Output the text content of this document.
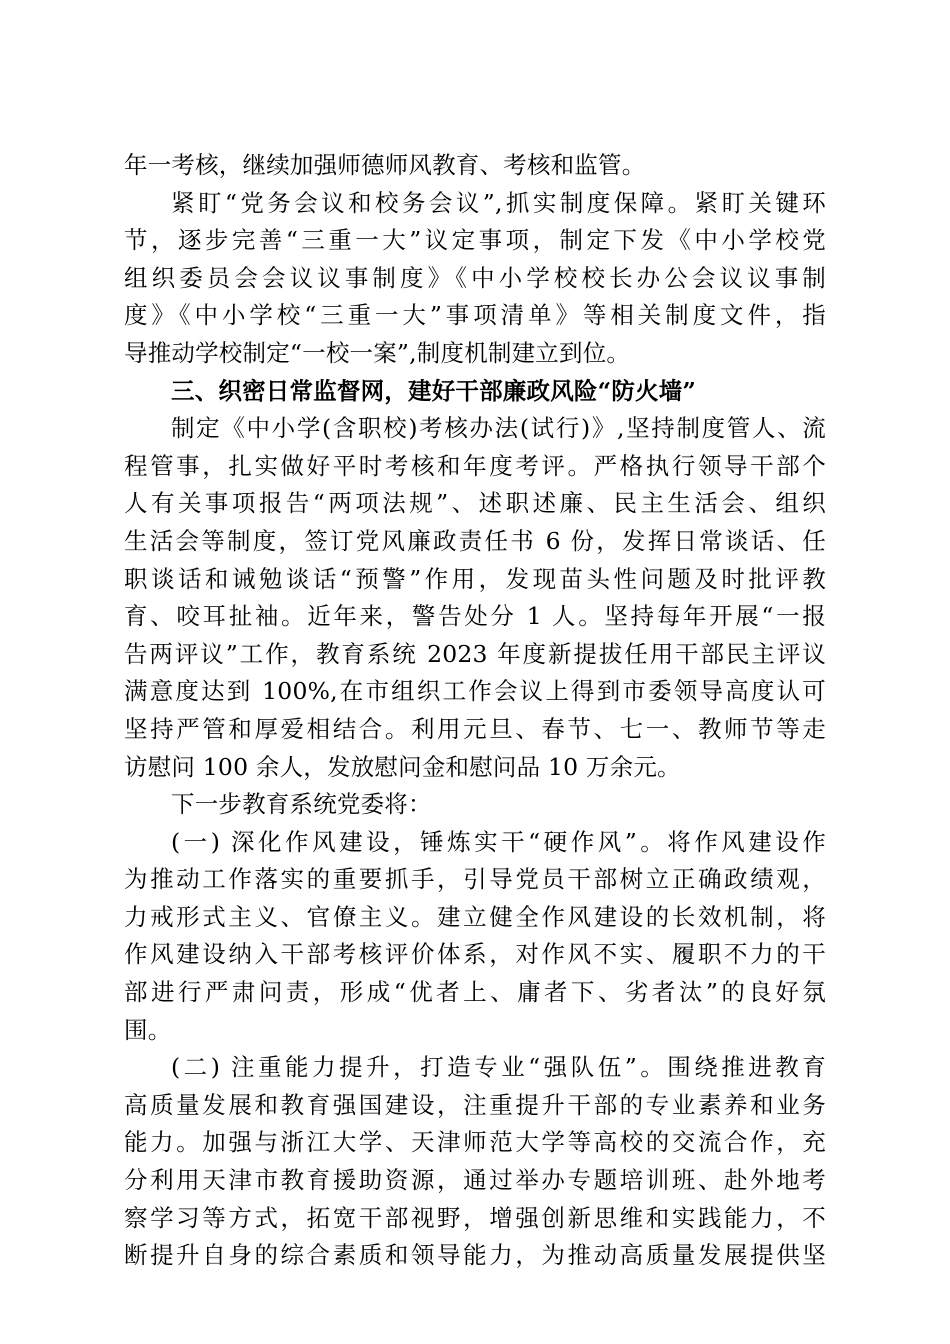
年一考核，继续加强师德师风教育、考核和监管。
紧盯“党务会议和校务会议”,抓实制度保障。紧盯关键环
节，逐步完善“三重一大”议定事项，制定下发《中小学校党
组织委员会会议议事制度》《中小学校校长办公会议议事制
度》《中小学校“三重一大”事项清单》等相关制度文件，指
导推动学校制定“一校一案”,制度机制建立到位。
三、织密日常监督网，建好干部廉政风险“防火墙”
制定《中小学(含职校)考核办法(试行)》,坚持制度管人、流
程管事，扎实做好平时考核和年度考评。严格执行领导干部个
人有关事项报告“两项法规”、述职述廉、民主生活会、组织
生活会等制度，签订党风廉政责任书 6 份，发挥日常谈话、任
职谈话和诫勉谈话“预警”作用，发现苗头性问题及时批评教
育、咬耳扯袖。近年来，警告处分 1 人。坚持每年开展“一报
告两评议”工作，教育系统 2023 年度新提拔任用干部民主评议
满意度达到 100%,在市组织工作会议上得到市委领导高度认可
坚持严管和厚爱相结合。利用元旦、春节、七一、教师节等走
访慰问 100 余人，发放慰问金和慰问品 10 万余元。
下一步教育系统党委将：
(一) 深化作风建设，锤炼实干“硬作风”。将作风建设作
为推动工作落实的重要抓手，引导党员干部树立正确政绩观，
力戒形式主义、官僚主义。建立健全作风建设的长效机制，将
作风建设纳入干部考核评价体系，对作风不实、履职不力的干
部进行严肃问责，形成“优者上、庸者下、劣者汰”的良好氛
围。
(二) 注重能力提升，打造专业“强队伍”。围绕推进教育
高质量发展和教育强国建设，注重提升干部的专业素养和业务
能力。加强与浙江大学、天津师范大学等高校的交流合作，充
分利用天津市教育援助资源，通过举办专题培训班、赴外地考
察学习等方式，拓宽干部视野，增强创新思维和实践能力，不
断提升自身的综合素质和领导能力，为推动高质量发展提供坚
